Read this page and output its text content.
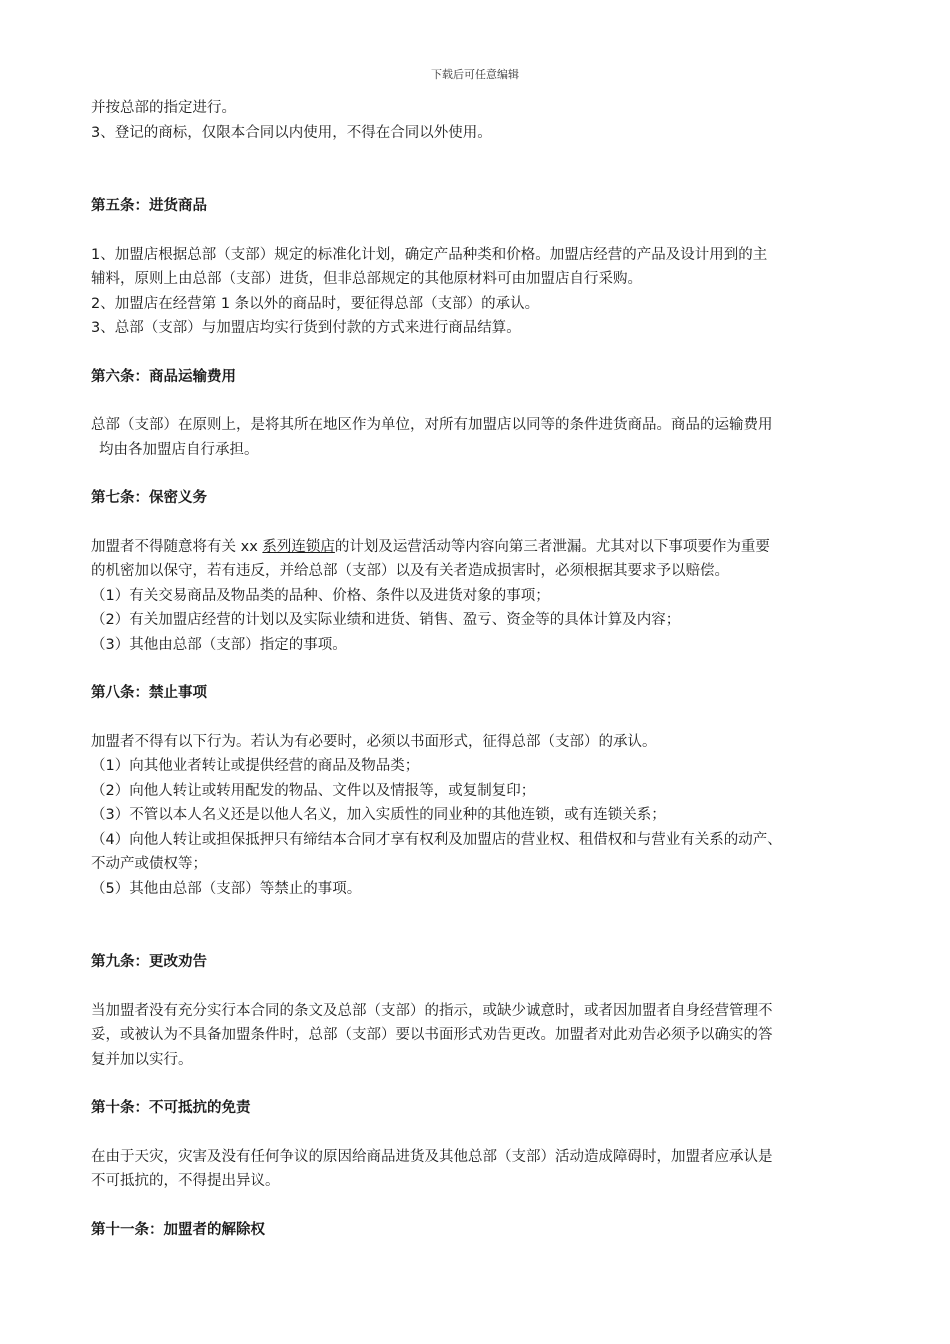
下载后可任意编辑

并按总部的指定进行。

3、登记的商标，仅限本合同以内使用，不得在合同以外使用。

第五条：进货商品

1、加盟店根据总部（支部）规定的标准化计划，确定产品种类和价格。加盟店经营的产品及设计用到的主

辅料，原则上由总部（支部）进货，但非总部规定的其他原材料可由加盟店自行采购。

2、加盟店在经营第 1 条以外的商品时，要征得总部（支部）的承认。

3、总部（支部）与加盟店均实行货到付款的方式来进行商品结算。

第六条：商品运输费用

总部（支部）在原则上，是将其所在地区作为单位，对所有加盟店以同等的条件进货商品。商品的运输费用

均由各加盟店自行承担。

第七条：保密义务

加盟者不得随意将有关 xx 系列连锁店的计划及运营活动等内容向第三者泄漏。尤其对以下事项要作为重要

的机密加以保守，若有违反，并给总部（支部）以及有关者造成损害时，必须根据其要求予以赔偿。

（1）有关交易商品及物品类的品种、价格、条件以及进货对象的事项；

（2）有关加盟店经营的计划以及实际业绩和进货、销售、盈亏、资金等的具体计算及内容；

（3）其他由总部（支部）指定的事项。

第八条：禁止事项

加盟者不得有以下行为。若认为有必要时，必须以书面形式，征得总部（支部）的承认。

（1）向其他业者转让或提供经营的商品及物品类；

（2）向他人转让或转用配发的物品、文件以及情报等，或复制复印；

（3）不管以本人名义还是以他人名义，加入实质性的同业种的其他连锁，或有连锁关系；

（4）向他人转让或担保抵押只有缔结本合同才享有权利及加盟店的营业权、租借权和与营业有关系的动产、

不动产或债权等；

（5）其他由总部（支部）等禁止的事项。

第九条：更改劝告

当加盟者没有充分实行本合同的条文及总部（支部）的指示，或缺少诚意时，或者因加盟者自身经营管理不

妥，或被认为不具备加盟条件时，总部（支部）要以书面形式劝告更改。加盟者对此劝告必须予以确实的答

复并加以实行。

第十条：不可抵抗的免责

在由于天灾，灾害及没有任何争议的原因给商品进货及其他总部（支部）活动造成障碍时，加盟者应承认是

不可抵抗的，不得提出异议。

第十一条：加盟者的解除权
